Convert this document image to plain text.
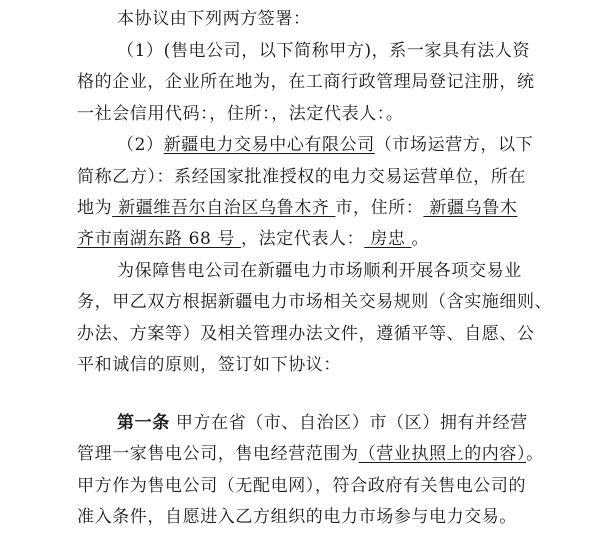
本协议由下列两方签署：
（1）(售电公司，以下简称甲方)，系一家具有法人资
格的企业，企业所在地为，在工商行政管理局登记注册，统
一社会信用代码：，住所：，法定代表人：。
（2）新疆电力交易中心有限公司（市场运营方，以下
简称乙方）：系经国家批准授权的电力交易运营单位，所在
地为 新疆维吾尔自治区乌鲁木齐 市，住所： 新疆乌鲁木
齐市南湖东路 68 号 ，法定代表人： 房忠 。
为保障售电公司在新疆电力市场顺利开展各项交易业
务，甲乙双方根据新疆电力市场相关交易规则（含实施细则、
办法、方案等）及相关管理办法文件，遵循平等、自愿、公
平和诚信的原则，签订如下协议：
第一条 甲方在省（市、自治区）市（区）拥有并经营
管理一家售电公司，售电经营范围为（营业执照上的内容）。
甲方作为售电公司（无配电网），符合政府有关售电公司的
准入条件，自愿进入乙方组织的电力市场参与电力交易。
